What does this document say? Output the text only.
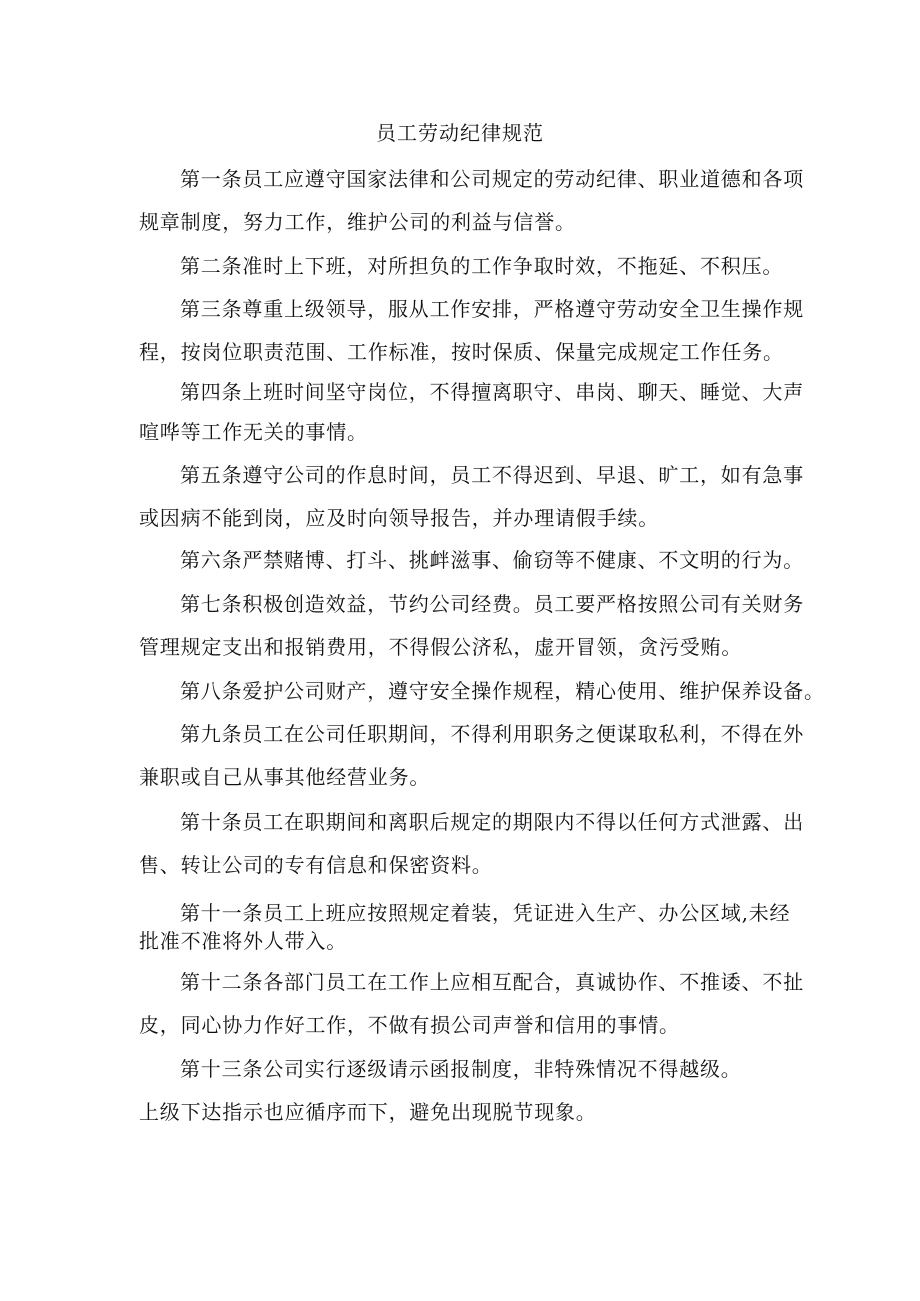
员工劳动纪律规范
第一条员工应遵守国家法律和公司规定的劳动纪律、职业道德和各项
规章制度，努力工作，维护公司的利益与信誉。
第二条准时上下班，对所担负的工作争取时效，不拖延、不积压。
第三条尊重上级领导，服从工作安排，严格遵守劳动安全卫生操作规
程，按岗位职责范围、工作标准，按时保质、保量完成规定工作任务。
第四条上班时间坚守岗位，不得擅离职守、串岗、聊天、睡觉、大声
喧哗等工作无关的事情。
第五条遵守公司的作息时间，员工不得迟到、早退、旷工，如有急事
或因病不能到岗，应及时向领导报告，并办理请假手续。
第六条严禁赌博、打斗、挑衅滋事、偷窃等不健康、不文明的行为。
第七条积极创造效益，节约公司经费。员工要严格按照公司有关财务
管理规定支出和报销费用，不得假公济私，虚开冒领，贪污受贿。
第八条爱护公司财产，遵守安全操作规程，精心使用、维护保养设备。
第九条员工在公司任职期间，不得利用职务之便谋取私利，不得在外
兼职或自己从事其他经营业务。
第十条员工在职期间和离职后规定的期限内不得以任何方式泄露、出
售、转让公司的专有信息和保密资料。
第十一条员工上班应按照规定着装，凭证进入生产、办公区域,未经
批准不准将外人带入。
第十二条各部门员工在工作上应相互配合，真诚协作、不推诿、不扯
皮，同心协力作好工作，不做有损公司声誉和信用的事情。
第十三条公司实行逐级请示函报制度，非特殊情况不得越级。
上级下达指示也应循序而下，避免出现脱节现象。
